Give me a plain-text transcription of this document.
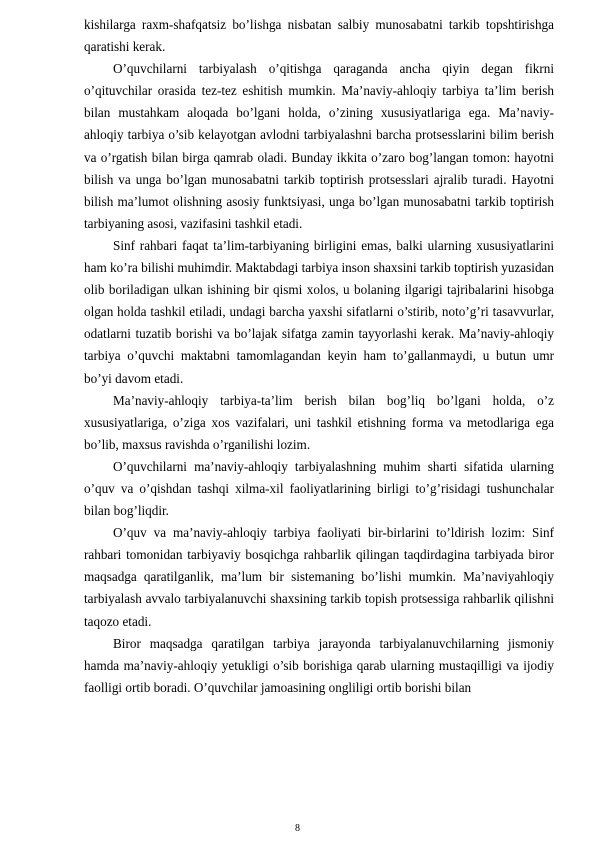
kishilarga raxm-shafqatsiz bo’lishga nisbatan salbiy munosabatni tarkib topshtirishga qaratishi kerak.

O’quvchilarni tarbiyalash o’qitishga qaraganda ancha qiyin degan fikrni o’qituvchilar orasida tez-tez eshitish mumkin. Ma’naviy-ahloqiy tarbiya ta’lim berish bilan mustahkam aloqada bo’lgani holda, o’zining xususiyatlariga ega. Ma’naviy-ahloqiy tarbiya o’sib kelayotgan avlodni tarbiyalashni barcha protsesslarini bilim berish va o’rgatish bilan birga qamrab oladi. Bunday ikkita o’zaro bog’langan tomon: hayotni bilish va unga bo’lgan munosabatni tarkib toptirish protsesslari ajralib turadi. Hayotni bilish ma’lumot olishning asosiy funktsiyasi, unga bo’lgan munosabatni tarkib toptirish tarbiyaning asosi, vazifasini tashkil etadi.

Sinf rahbari faqat ta’lim-tarbiyaning birligini emas, balki ularning xususiyatlarini ham ko’ra bilishi muhimdir. Maktabdagi tarbiya inson shaxsini tarkib toptirish yuzasidan olib boriladigan ulkan ishining bir qismi xolos, u bolaning ilgarigi tajribalarini hisobga olgan holda tashkil etiladi, undagi barcha yaxshi sifatlarni o’stirib, noto’g’ri tasavvurlar, odatlarni tuzatib borishi va bo’lajak sifatga zamin tayyorlashi kerak. Ma’naviy-ahloqiy tarbiya o’quvchi maktabni tamomlagandan keyin ham to’gallanmaydi, u butun umr bo’yi davom etadi.

Ma’naviy-ahloqiy tarbiya-ta’lim berish bilan bog’liq bo’lgani holda, o’z xususiyatlariga, o’ziga xos vazifalari, uni tashkil etishning forma va metodlariga ega bo’lib, maxsus ravishda o’rganilishi lozim.

O’quvchilarni ma’naviy-ahloqiy tarbiyalashning muhim sharti sifatida ularning o’quv va o’qishdan tashqi xilma-xil faoliyatlarining birligi to’g’risidagi tushunchalar bilan bog’liqdir.

O’quv va ma’naviy-ahloqiy tarbiya faoliyati bir-birlarini to’ldirish lozim: Sinf rahbari tomonidan tarbiyaviy bosqichga rahbarlik qilingan taqdirdagina tarbiyada biror maqsadga qaratilganlik, ma’lum bir sistemaning bo’lishi mumkin. Ma’naviyahloqiy tarbiyalash avvalo tarbiyalanuvchi shaxsining tarkib topish protsessiga rahbarlik qilishni taqozo etadi.

Biror maqsadga qaratilgan tarbiya jarayonda tarbiyalanuvchilarning jismoniy hamda ma’naviy-ahloqiy yetukligi o’sib borishiga qarab ularning mustaqilligi va ijodiy faolligi ortib boradi. O’quvchilar jamoasining ongliligi ortib borishi bilan

8
